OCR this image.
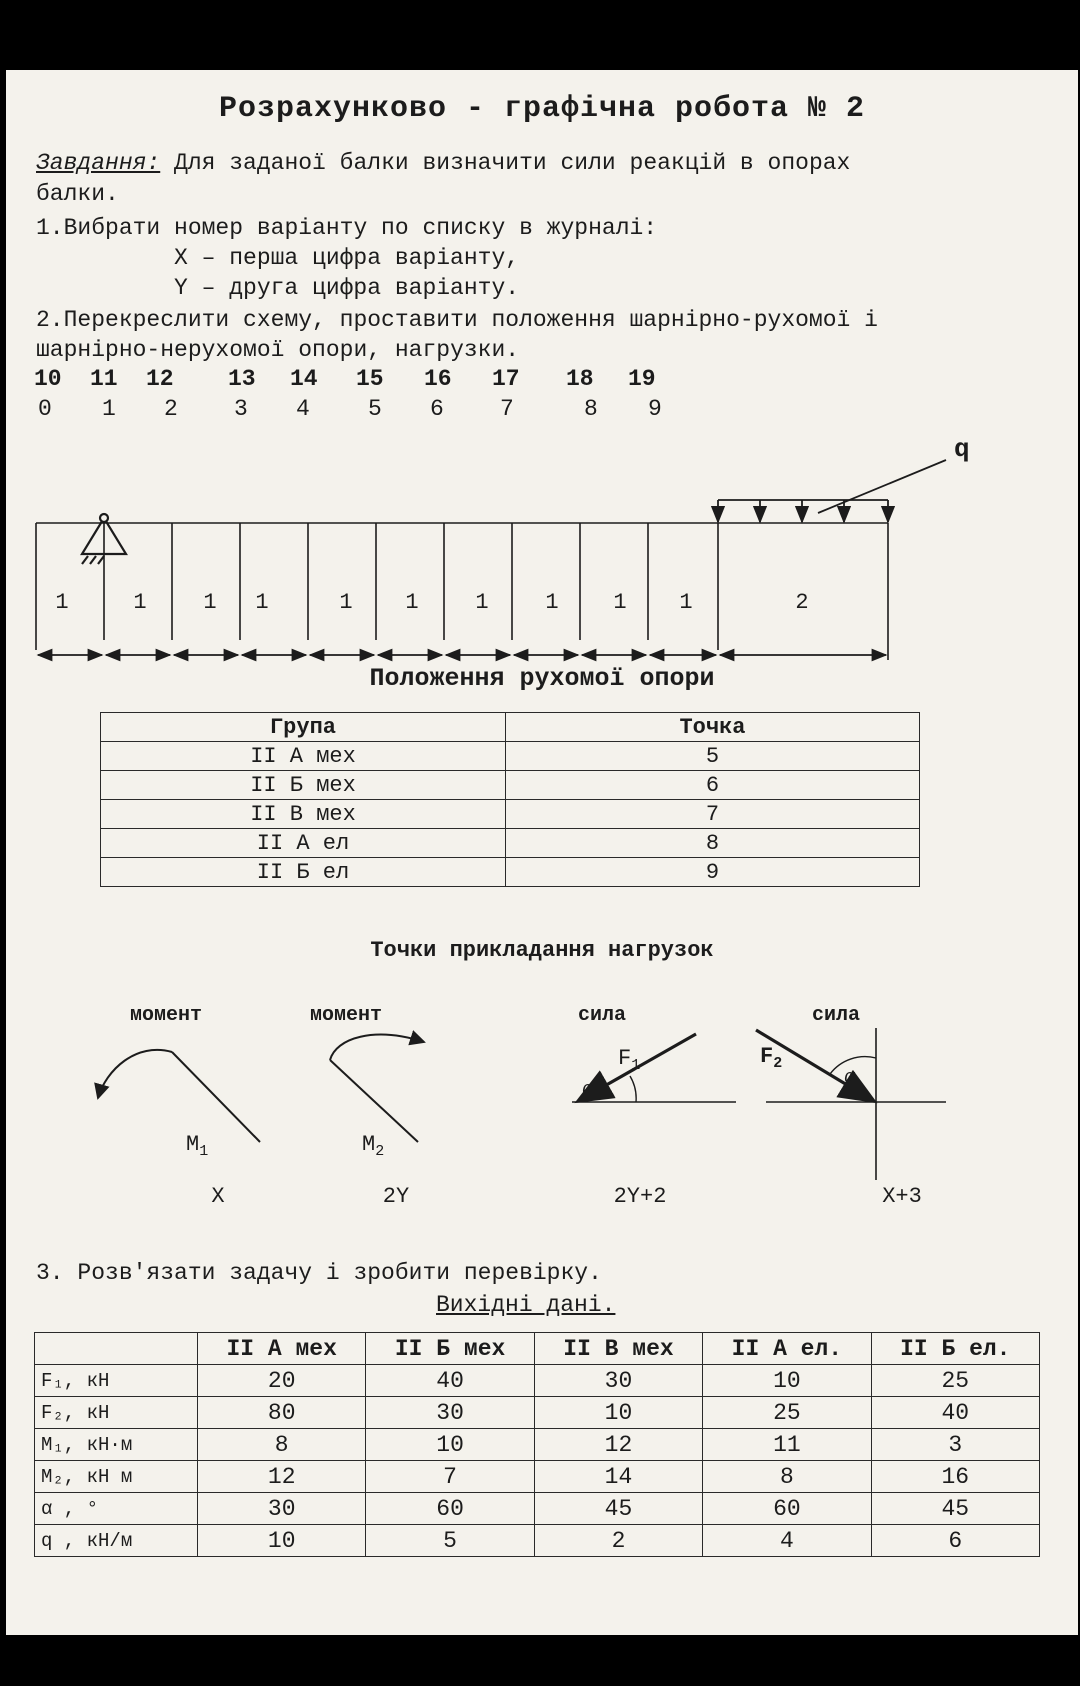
Розрахунково - графічна робота № 2
Завдання: Для заданої балки визначити сили реакцій в опорах
балки.
1.Вибрати номер варіанту по списку в журналі:
X – перша цифра варіанту,
Y – друга цифра варіанту.
2.Перекреслити схему, проставити положення шарнірно-рухомої і
шарнірно-нерухомої опори, нагрузки.
10 11 12 13 14 15 16 17 18 19
0 1 2 3 4	5 6 7	8 9
q
1	1	1 1	1 1	1	1 1 1	2
Положення рухомої опори
Група	Точка
II А мех	5
II Б мех	6
II В мех	7
II А ел	8
II Б ел	9
Точки прикладання нагрузок
момент	момент	сила	сила
$M_1$	$M_2$
$F_1$
α
$F_2$
α
X	2Y	2Y+2	X+3
3. Розв'язати задачу і зробити перевірку.
Вихідні дані.
	II А мех	II Б мех	II В мех	II А ел.	II Б ел.
F₁, кН	20	40	30	10	25
F₂, кН	80	30	10	25	40
M₁, кН·м	8	10	12	11	3
M₂, кН м	12	7	14	8	16
α , °	30	60	45	60	45
q , кН/м	10	5	2	4	6
